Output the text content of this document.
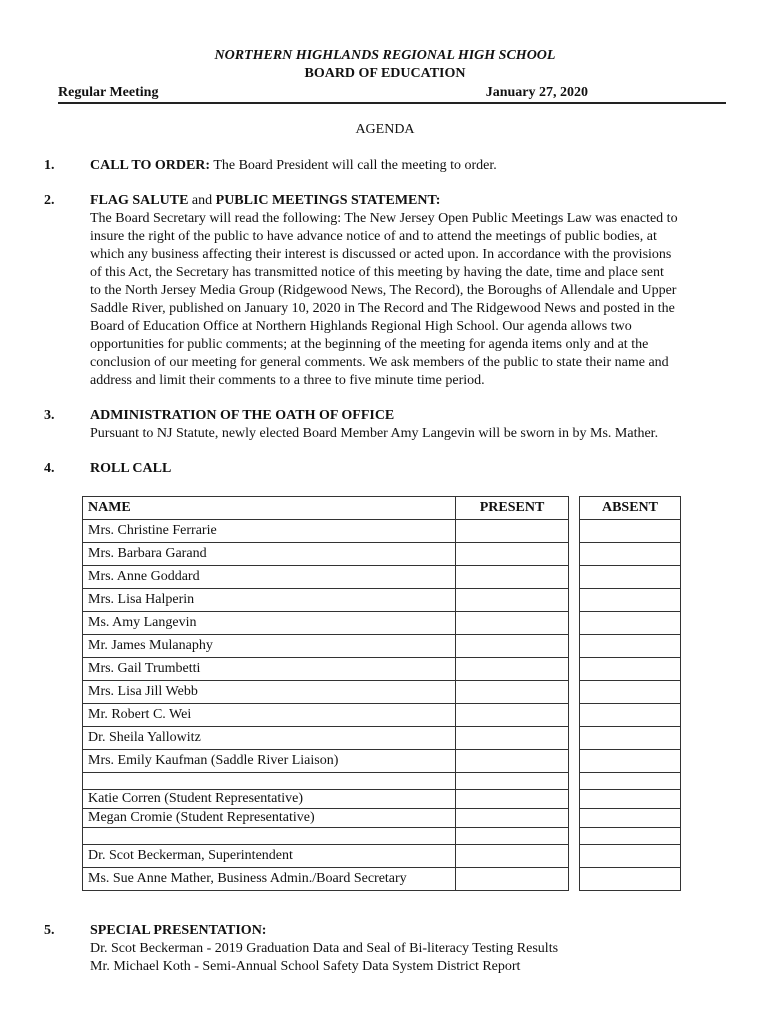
NORTHERN HIGHLANDS REGIONAL HIGH SCHOOL
BOARD OF EDUCATION
Regular Meeting	January 27, 2020
AGENDA
1.	CALL TO ORDER: The Board President will call the meeting to order.
2.	FLAG SALUTE and PUBLIC MEETINGS STATEMENT:
The Board Secretary will read the following: The New Jersey Open Public Meetings Law was enacted to
insure the right of the public to have advance notice of and to attend the meetings of public bodies, at
which any business affecting their interest is discussed or acted upon. In accordance with the provisions
of this Act, the Secretary has transmitted notice of this meeting by having the date, time and place sent
to the North Jersey Media Group (Ridgewood News, The Record), the Boroughs of Allendale and Upper
Saddle River, published on January 10, 2020 in The Record and The Ridgewood News and posted in the
Board of Education Office at Northern Highlands Regional High School. Our agenda allows two
opportunities for public comments; at the beginning of the meeting for agenda items only and at the
conclusion of our meeting for general comments. We ask members of the public to state their name and
address and limit their comments to a three to five minute time period.
3.	ADMINISTRATION OF THE OATH OF OFFICE
Pursuant to NJ Statute, newly elected Board Member Amy Langevin will be sworn in by Ms. Mather.
4.	ROLL CALL
NAME	PRESENT		ABSENT
Mrs. Christine Ferrarie			
Mrs. Barbara Garand			
Mrs. Anne Goddard			
Mrs. Lisa Halperin			
Ms. Amy Langevin			
Mr. James Mulanaphy			
Mrs. Gail Trumbetti			
Mrs. Lisa Jill Webb			
Mr. Robert C. Wei			
Dr. Sheila Yallowitz			
Mrs. Emily Kaufman (Saddle River Liaison)			

Katie Corren (Student Representative)			
Megan Cromie (Student Representative)			

Dr. Scot Beckerman, Superintendent			
Ms. Sue Anne Mather, Business Admin./Board Secretary			
5.	SPECIAL PRESENTATION:
Dr. Scot Beckerman - 2019 Graduation Data and Seal of Bi-literacy Testing Results
Mr. Michael Koth - Semi-Annual School Safety Data System District Report
